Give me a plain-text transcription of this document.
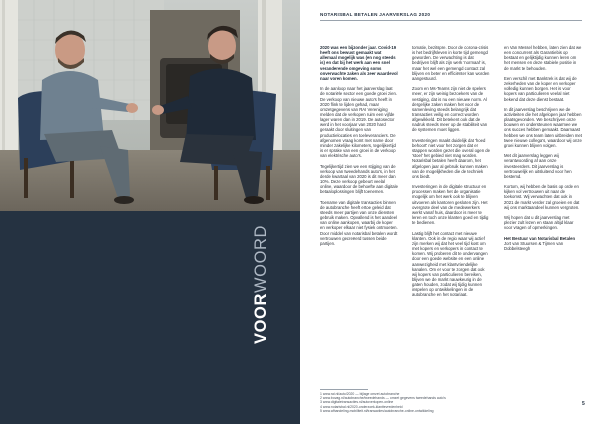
VOORWOORD
NOTARISBAL BETALEN JAARVERSLAG 2020

2020 was een bijzonder jaar. Covid-19 heeft ons bewust gemaakt wat allemaal mogelijk was (en nog steeds is) en dat bij het werk aan een snel veranderende omgeving soms onverwachte zaken als zeer waardevol naar voren komen.

In de aanloop naar het jaarverslag laat de notariële sector een goede groei zien. De verkoop van nieuwe auto's heeft in 2020 flink te lijden gehad, maar omzetgegevens van RAI Vereniging melden dat de verkopen ruim een vijfde lager waren dan in 2019. De autosector werd in het voorjaar van 2020 hard geraakt door sluitingen van productielocaties en toeleveranciers. De afgenomen vraag komt met name door minder zakelijke kilometers, tegelijkertijd is er sprake van een groei in de verkoop van elektrische auto's.

Tegelijkertijd zien we een stijging van de verkoop van tweedehands auto's, in het derde kwartaal van 2020 is dit meer dan 10%. Deze verkoop gebeurt veelal online, waardoor de behoefte aan digitale betaaloplossingen blijft toenemen.

Toename van digitale transacties binnen de autobranche heeft ertoe geleid dat steeds meer partijen van onze diensten gebruik maken. Opvallend is het aandeel van online aankopen, waarbij de koper en verkoper elkaar niet fysiek ontmoeten. Door middel van notarisbal betalen wordt vertrouwen gecreëerd tussen beide partijen.

tomatie, bezitspre. Door de corona-crisis is het bedrijfsleven in korte tijd gemengd geworden. De verwachting is dat bedrijven blijft als zijn werk 'normaal' is, maar het wel een gemengd contact zal blijven en beter en efficiënter kan worden aangestuurd.

Zoom en Ms-Teams zijn niet de spelers meer, er zijn weinig bezoekers van de vestiging, dat is nu een nieuwe norm. Al dergelijke zaken maken het voor de samenleving steeds belangrijk dat transacties veilig en correct worden afgewikkeld. Dit betekent ook dat de nadruk steeds meer op de stabiliteit van de systemen moet liggen.

Investeringen maakt duidelijk dat 'hoed behoort' niet voor het zorgen dat er stappen worden gezet die overal ogen de 'stoel' het gebied niet mag worden. Notarisbal betalen heeft daarom, het afgelopen jaar al gebruik kunnen maken van de mogelijkheden die de techniek ons biedt.

Investeringen in de digitale structuur en processen maken het de organisatie mogelijk om het werk ook te blijven uitvoeren als kantoren gesloten zijn. Het overgrote deel van de medewerkers werkt vanaf huis, daardoor is meer te leren en toch onze klanten goed en tijdig te bedienen.

Lastig blijft het contact met nieuwe klanten. Ook in de regio waar wij actief zijn merken wij dat het veel tijd kost om met kopers en verkopers in contact te komen. Wij proberen dit te ondervangen door een goede website en een online aanwezigheid met klantvriendelijke kanalen. Om er voor te zorgen dat ook wij kopers van particulieren bereiken, blijven we de markt nauwkeurig in de gaten houden, zodat wij tijdig kunnen inspelen op ontwikkelingen in de autobranche en het notariaat.

en Van Messel hebben, laten zien dat we een concurrent als Garantiebis op bestaat en gelijktijdig kunnen leren om het mensen en deze stabiele positie in de markt te behouden.

Een verschil met Banktrek is dat wij de zekerheden van de koper en verkoper volledig kunnen borgen. Het is voor kopers van particulieren veelal niet bekend dat deze dienst bestaat.

In dit jaarverslag beschrijven we de activiteiten die het afgelopen jaar hebben plaatsgevonden. We beschrijven onze bouwen en ondersteunen waarmee we ons succes hebben gemaakt. Daarnaast hebben we ons team laten uitbreiden met twee nieuwe collega's, waardoor wij onze groei kunnen blijven volgen.

Met dit jaarverslag leggen wij verantwoording af aan onze investeerders. Dit jaarverslag is vertrouwelijk en uitsluitend voor hen bestemd.

Kortom, wij hebben de basis op orde en kijken vol vertrouwen uit naar de toekomst. Wij verwachten dat ook in 2021 de markt verder zal groeien en dat wij ons marktaandeel kunnen vergroten.

Wij hopen dat u dit jaarverslag met plezier zult lezen en staan altijd klaar voor vragen of opmerkingen.

Het Bestuur van Notarisbal Betalen
Jort van Stuursen & Tijmen van Dobbelsteegh
1 www.rai.nl/auto/2020 — bijlage omzet autobranche
2 www.bovag.nl/autobranche/tweedehands — omzet gegevens tweedehands auto's
3 www.digitaletransacties.nl/autoverkopen-online
4 www.notarisbal.nl/2020-onderzoek-klanttevredenheid
5 www.afhandeling-mobiliteit.nl/transacties/autobranche-online-ontwikkeling
5
